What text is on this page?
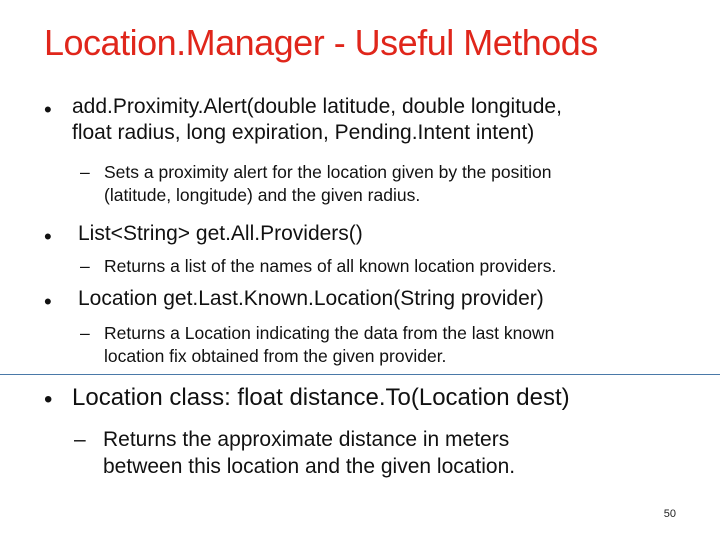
Location.Manager - Useful Methods
• add.Proximity.Alert(double latitude, double longitude,
float radius, long expiration, Pending.Intent intent)
– Sets a proximity alert for the location given by the position
(latitude, longitude) and the given radius.
• List<String> get.All.Providers()
– Returns a list of the names of all known location providers.
• Location get.Last.Known.Location(String provider)
– Returns a Location indicating the data from the last known
location fix obtained from the given provider.
• Location class: float distance.To(Location dest)
– Returns the approximate distance in meters
between this location and the given location.
50
